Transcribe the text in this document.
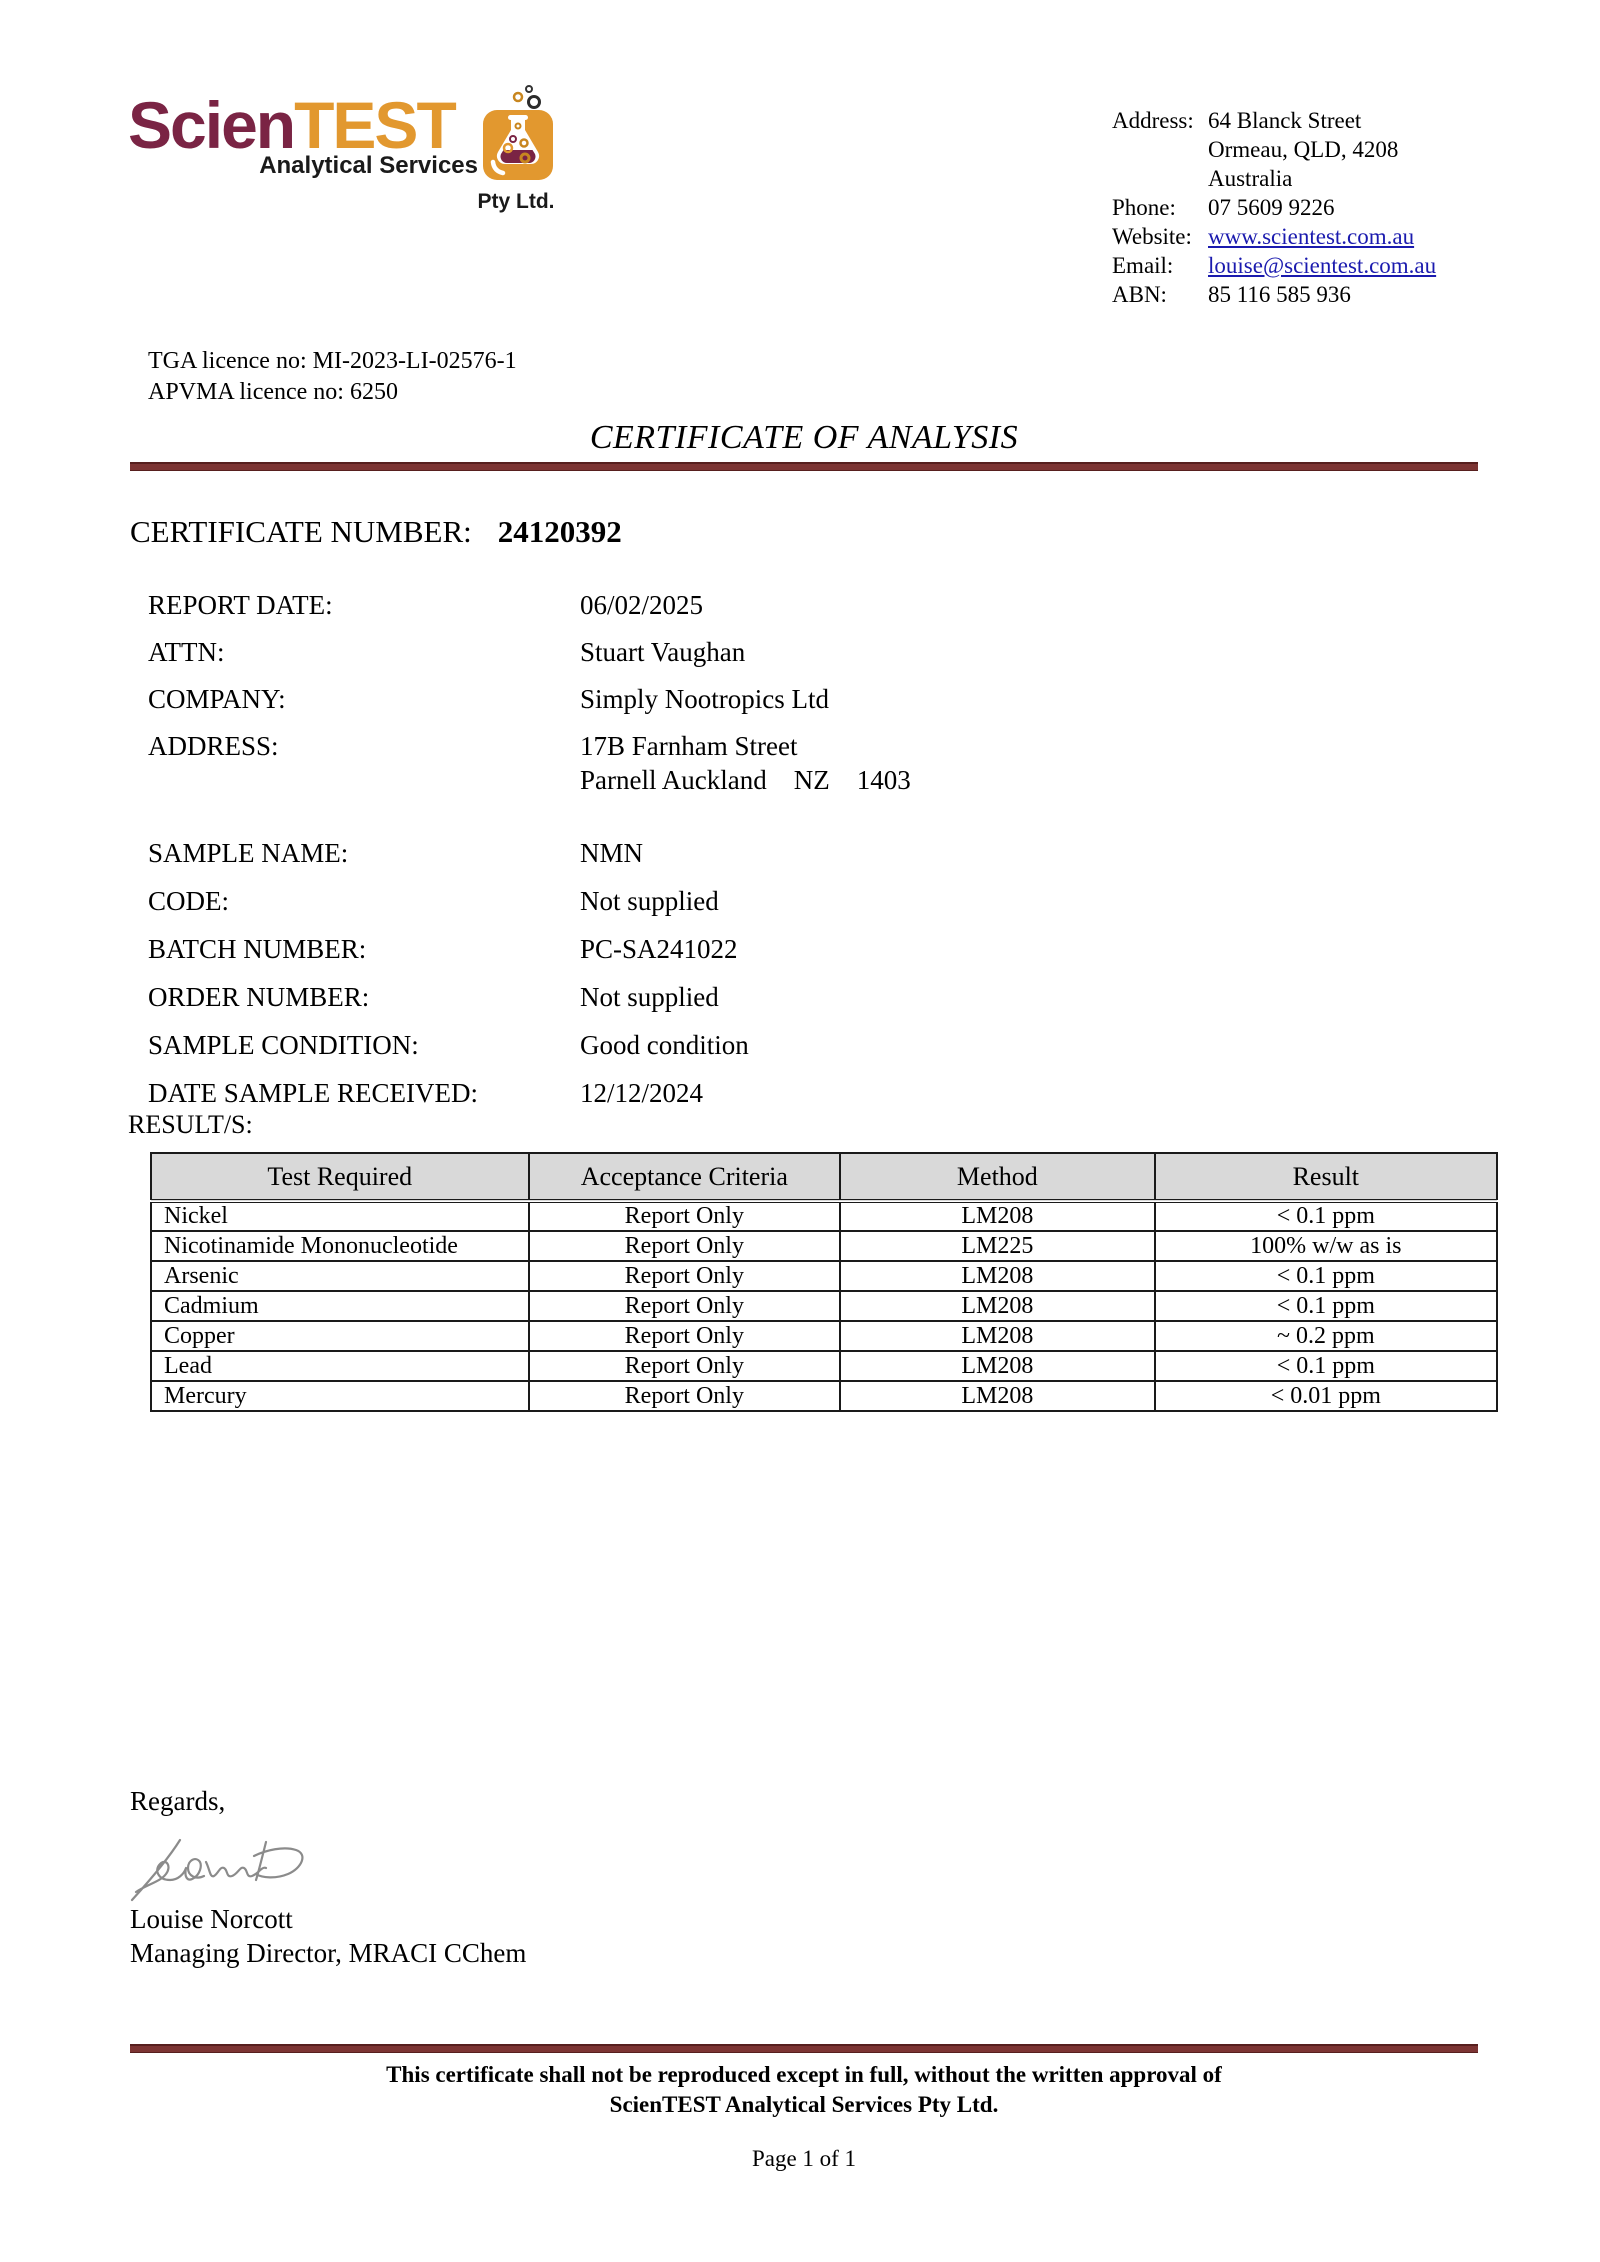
ScienTEST
Analytical Services
Pty Ltd.
Address: 64 Blanck Street
Ormeau, QLD, 4208
Australia
Phone:	07 5609 9226
Website: www.scientest.com.au
Email:	louise@scientest.com.au
ABN:	85 116 585 936
TGA licence no: MI-2023-LI-02576-1
APVMA licence no: 6250
CERTIFICATE OF ANALYSIS
CERTIFICATE NUMBER: 24120392
REPORT DATE:	06/02/2025
ATTN:	Stuart Vaughan
COMPANY:	Simply Nootropics Ltd
ADDRESS:	17B Farnham Street
Parnell Auckland    NZ    1403
SAMPLE NAME:	NMN
CODE:	Not supplied
BATCH NUMBER:	PC-SA241022
ORDER NUMBER:	Not supplied
SAMPLE CONDITION:	Good condition
DATE SAMPLE RECEIVED:	12/12/2024
RESULT/S:
Test Required	Acceptance Criteria	Method	Result
Nickel	Report Only	LM208	< 0.1 ppm
Nicotinamide Mononucleotide	Report Only	LM225	100% w/w as is
Arsenic	Report Only	LM208	< 0.1 ppm
Cadmium	Report Only	LM208	< 0.1 ppm
Copper	Report Only	LM208	~ 0.2 ppm
Lead	Report Only	LM208	< 0.1 ppm
Mercury	Report Only	LM208	< 0.01 ppm
Regards,
Louise Norcott
Managing Director, MRACI CChem
This certificate shall not be reproduced except in full, without the written approval of
ScienTEST Analytical Services Pty Ltd.
Page 1 of 1
